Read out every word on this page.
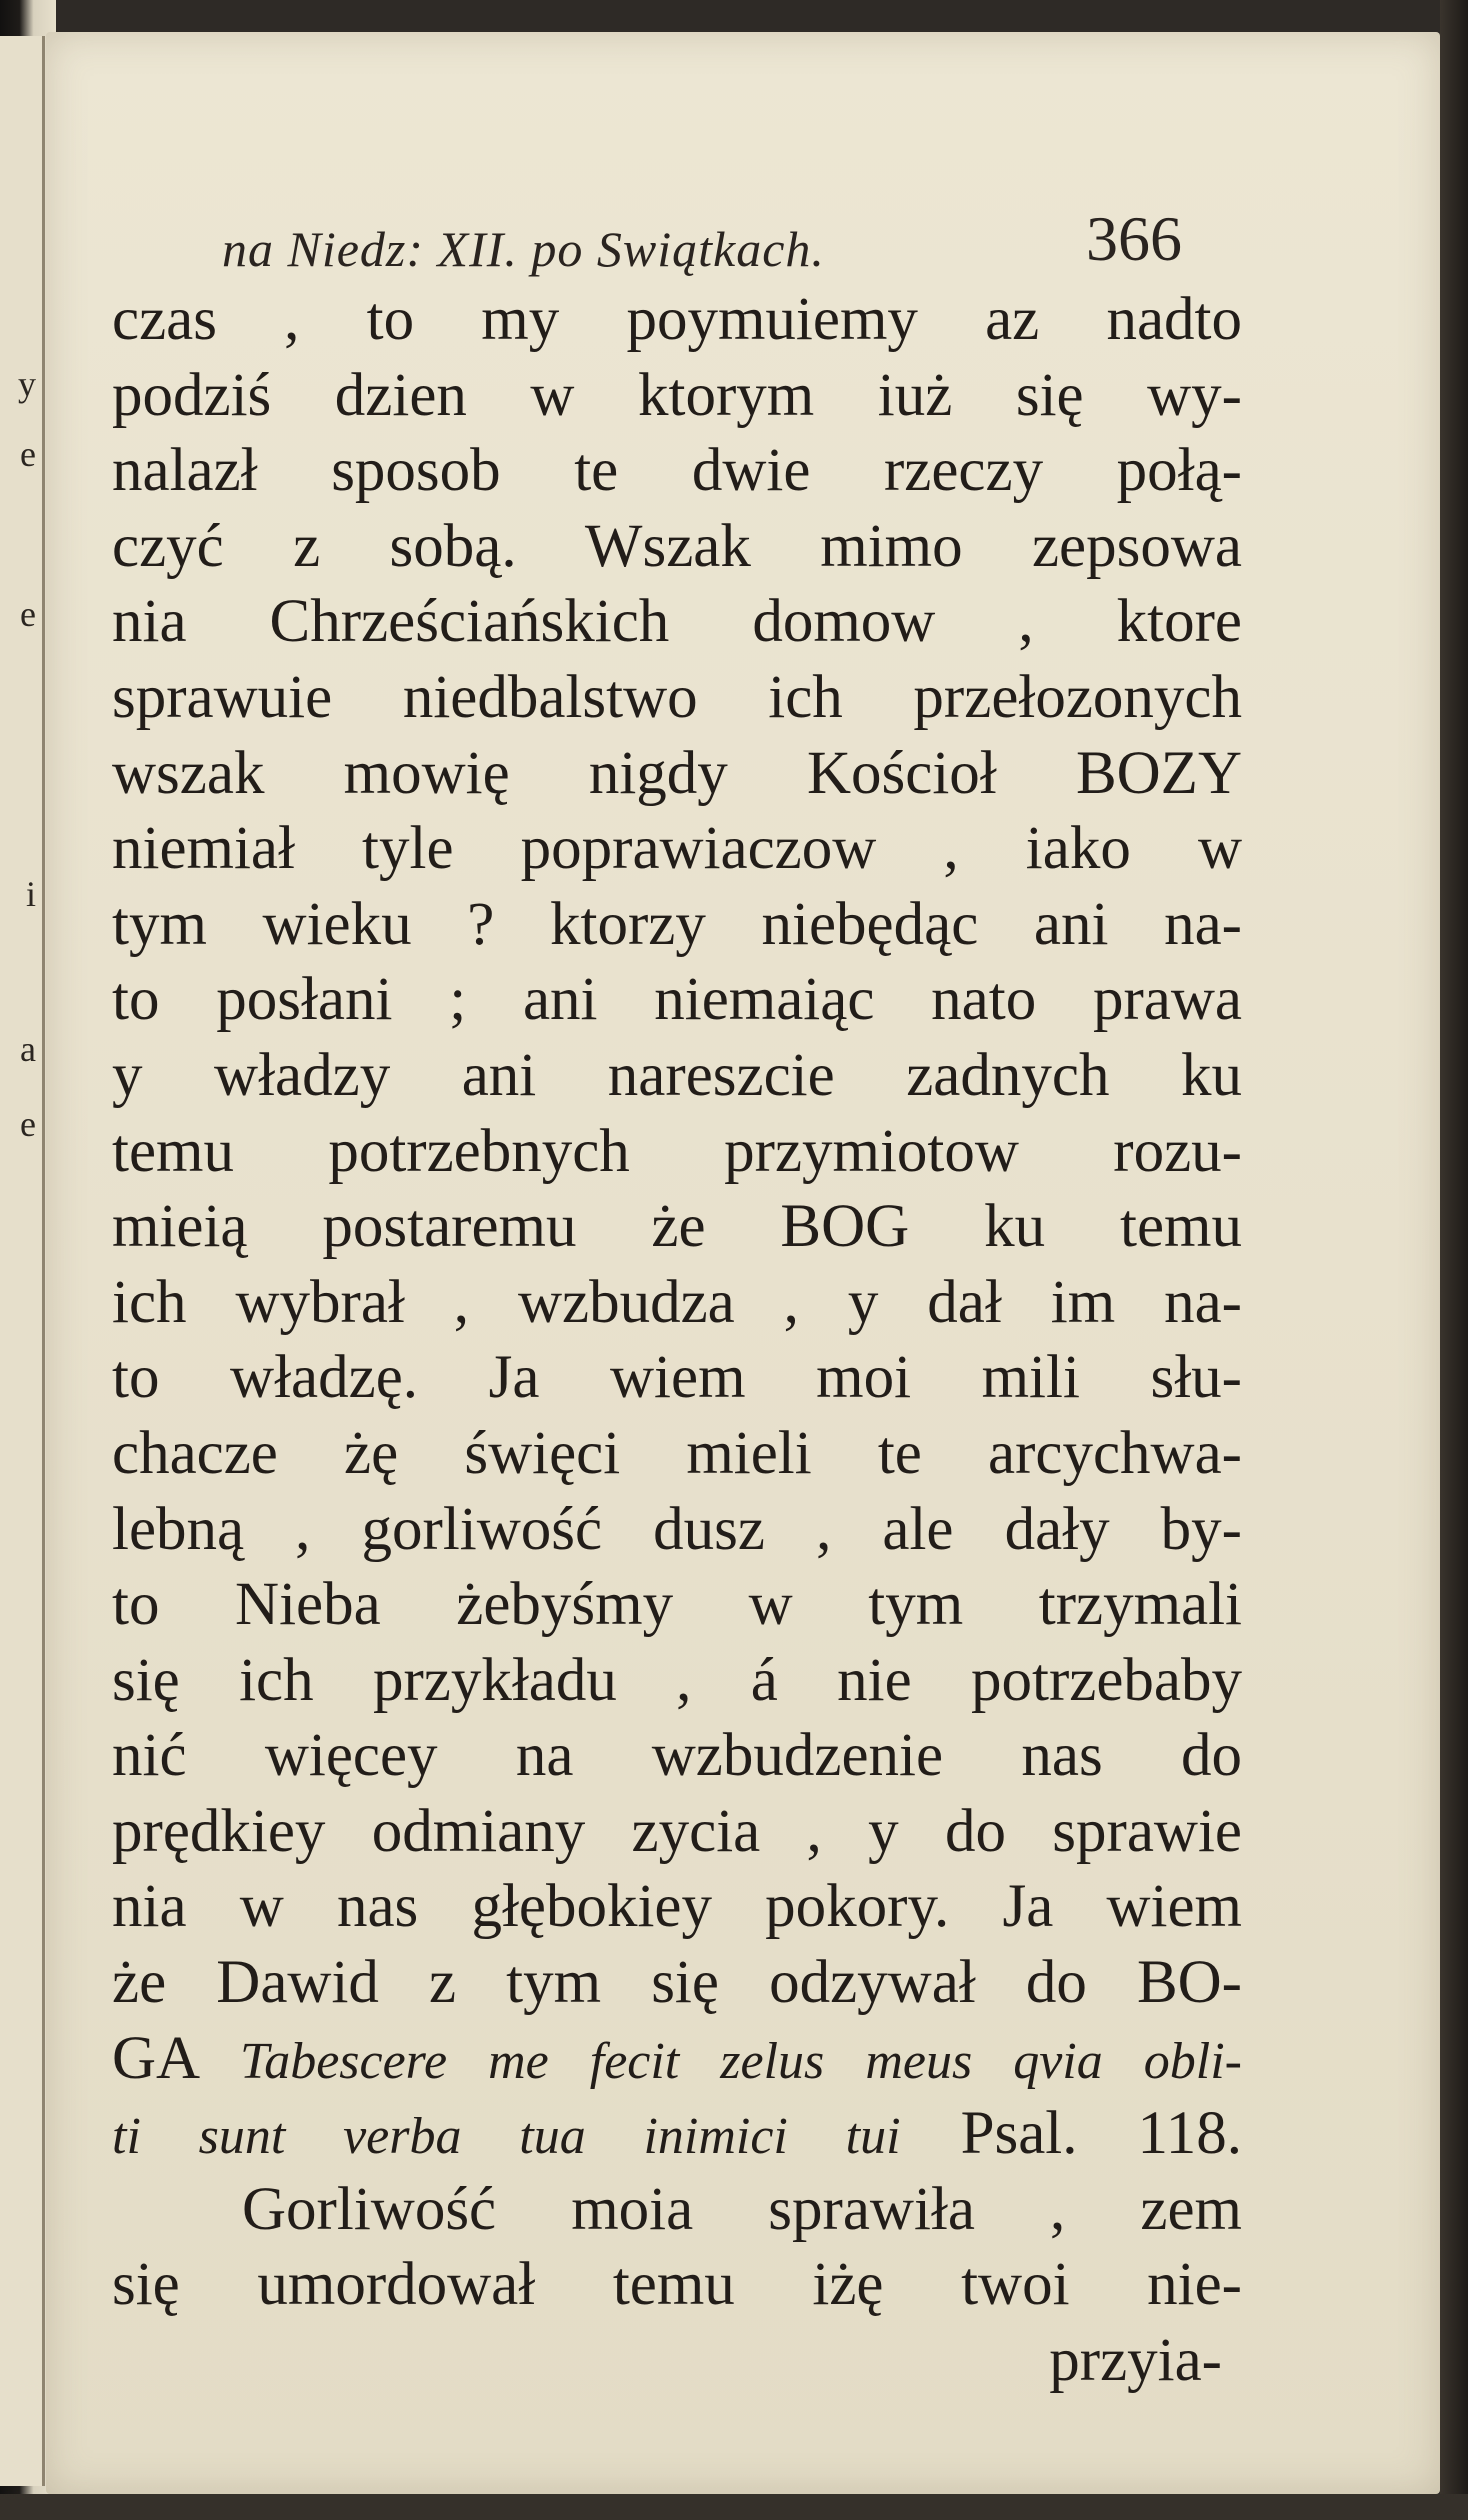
y
e
e
i
a
e
na Niedz: XII. po Swiątkach.	366
czas , to my poymuiemy az nadto
podziś dzien w ktorym iuż się wy-
nalazł sposob te dwie rzeczy połą-
czyć z sobą. Wszak mimo zepsowa
nia Chrześciańskich domow , ktore
sprawuie niedbalstwo ich przełozonych
wszak mowię nigdy Kościoł BOZY
niemiał tyle poprawiaczow , iako w
tym wieku ? ktorzy niebędąc ani na-
to posłani ; ani niemaiąc nato prawa
y władzy ani nareszcie zadnych ku
temu potrzebnych przymiotow rozu-
mieią postaremu że BOG ku temu
ich wybrał , wzbudza , y dał im na-
to władzę. Ja wiem moi mili słu-
chacze żę święci mieli te arcychwa-
lebną , gorliwość dusz , ale dały by-
to Nieba żebyśmy w tym trzymali
się ich przykładu , á nie potrzebaby
nić więcey na wzbudzenie nas do
prędkiey odmiany zycia , y do sprawie
nia w nas głębokiey pokory. Ja wiem
że Dawid z tym się odzywał do BO-
GA Tabescere me fecit zelus meus qvia obli-
ti sunt verba tua inimici tui Psal. 118.
Gorliwość moia sprawiła , zem
się umordował temu iżę twoi nie-
przyia-
